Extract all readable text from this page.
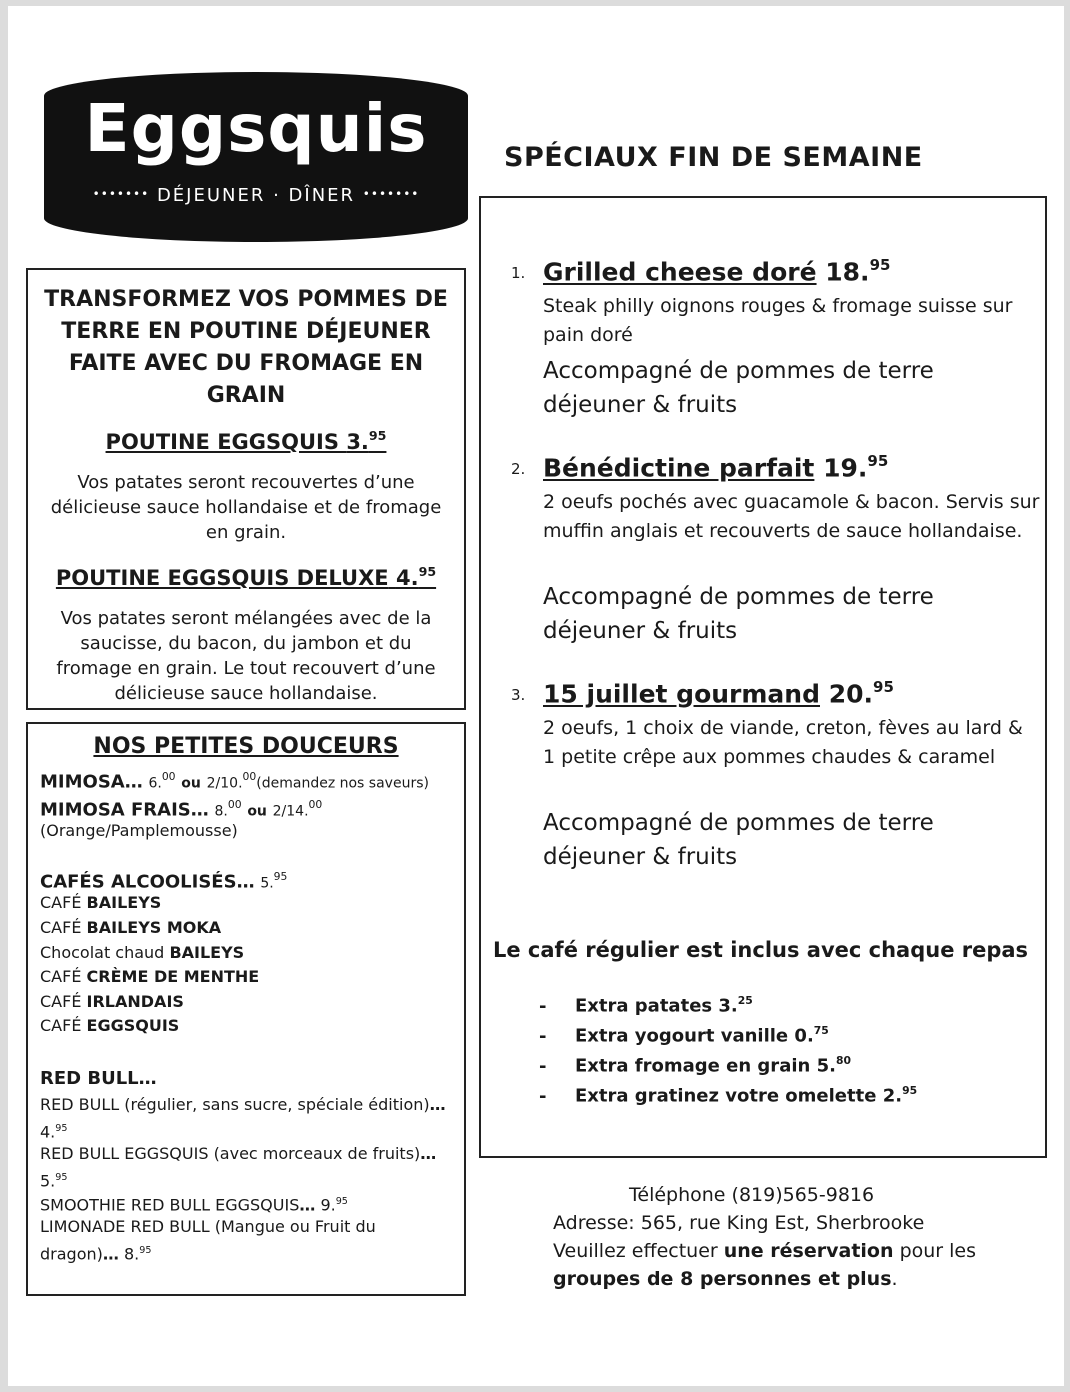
Eggsquis
••••••• DÉJEUNER · DÎNER •••••••
SPÉCIAUX FIN DE SEMAINE
TRANSFORMEZ VOS POMMES DE TERRE EN POUTINE DÉJEUNER FAITE AVEC DU FROMAGE EN GRAIN
POUTINE EGGSQUIS 3.95
Vos patates seront recouvertes d’une délicieuse sauce hollandaise et de fromage en grain.
POUTINE EGGSQUIS DELUXE 4.95
Vos patates seront mélangées avec de la saucisse, du bacon, du jambon et du fromage en grain. Le tout recouvert d’une délicieuse sauce hollandaise.
NOS PETITES DOUCEURS
MIMOSA… 6.00 ou 2/10.00(demandez nos saveurs)
MIMOSA FRAIS… 8.00 ou 2/14.00
(Orange/Pamplemousse)
CAFÉS ALCOOLISÉS… 5.95
CAFÉ BAILEYS
CAFÉ BAILEYS MOKA
Chocolat chaud BAILEYS
CAFÉ CRÈME DE MENTHE
CAFÉ IRLANDAIS
CAFÉ EGGSQUIS
RED BULL…
RED BULL (régulier, sans sucre, spéciale édition)…
4.95
RED BULL EGGSQUIS (avec morceaux de fruits)…
5.95
SMOOTHIE RED BULL EGGSQUIS… 9.95
LIMONADE RED BULL (Mangue ou Fruit du
dragon)… 8.95
1. Grilled cheese doré 18.95
Steak philly oignons rouges & fromage suisse sur pain doré
Accompagné de pommes de terre déjeuner & fruits
2. Bénédictine parfait 19.95
2 oeufs pochés avec guacamole & bacon. Servis sur muffin anglais et recouverts de sauce hollandaise.
Accompagné de pommes de terre déjeuner & fruits
3. 15 juillet gourmand 20.95
2 oeufs, 1 choix de viande, creton, fèves au lard & 1 petite crêpe aux pommes chaudes & caramel
Accompagné de pommes de terre déjeuner & fruits
Le café régulier est inclus avec chaque repas
- Extra patates 3.25
- Extra yogourt vanille 0.75
- Extra fromage en grain 5.80
- Extra gratinez votre omelette 2.95
Téléphone (819)565-9816
Adresse: 565, rue King Est, Sherbrooke
Veuillez effectuer une réservation pour les
groupes de 8 personnes et plus.
